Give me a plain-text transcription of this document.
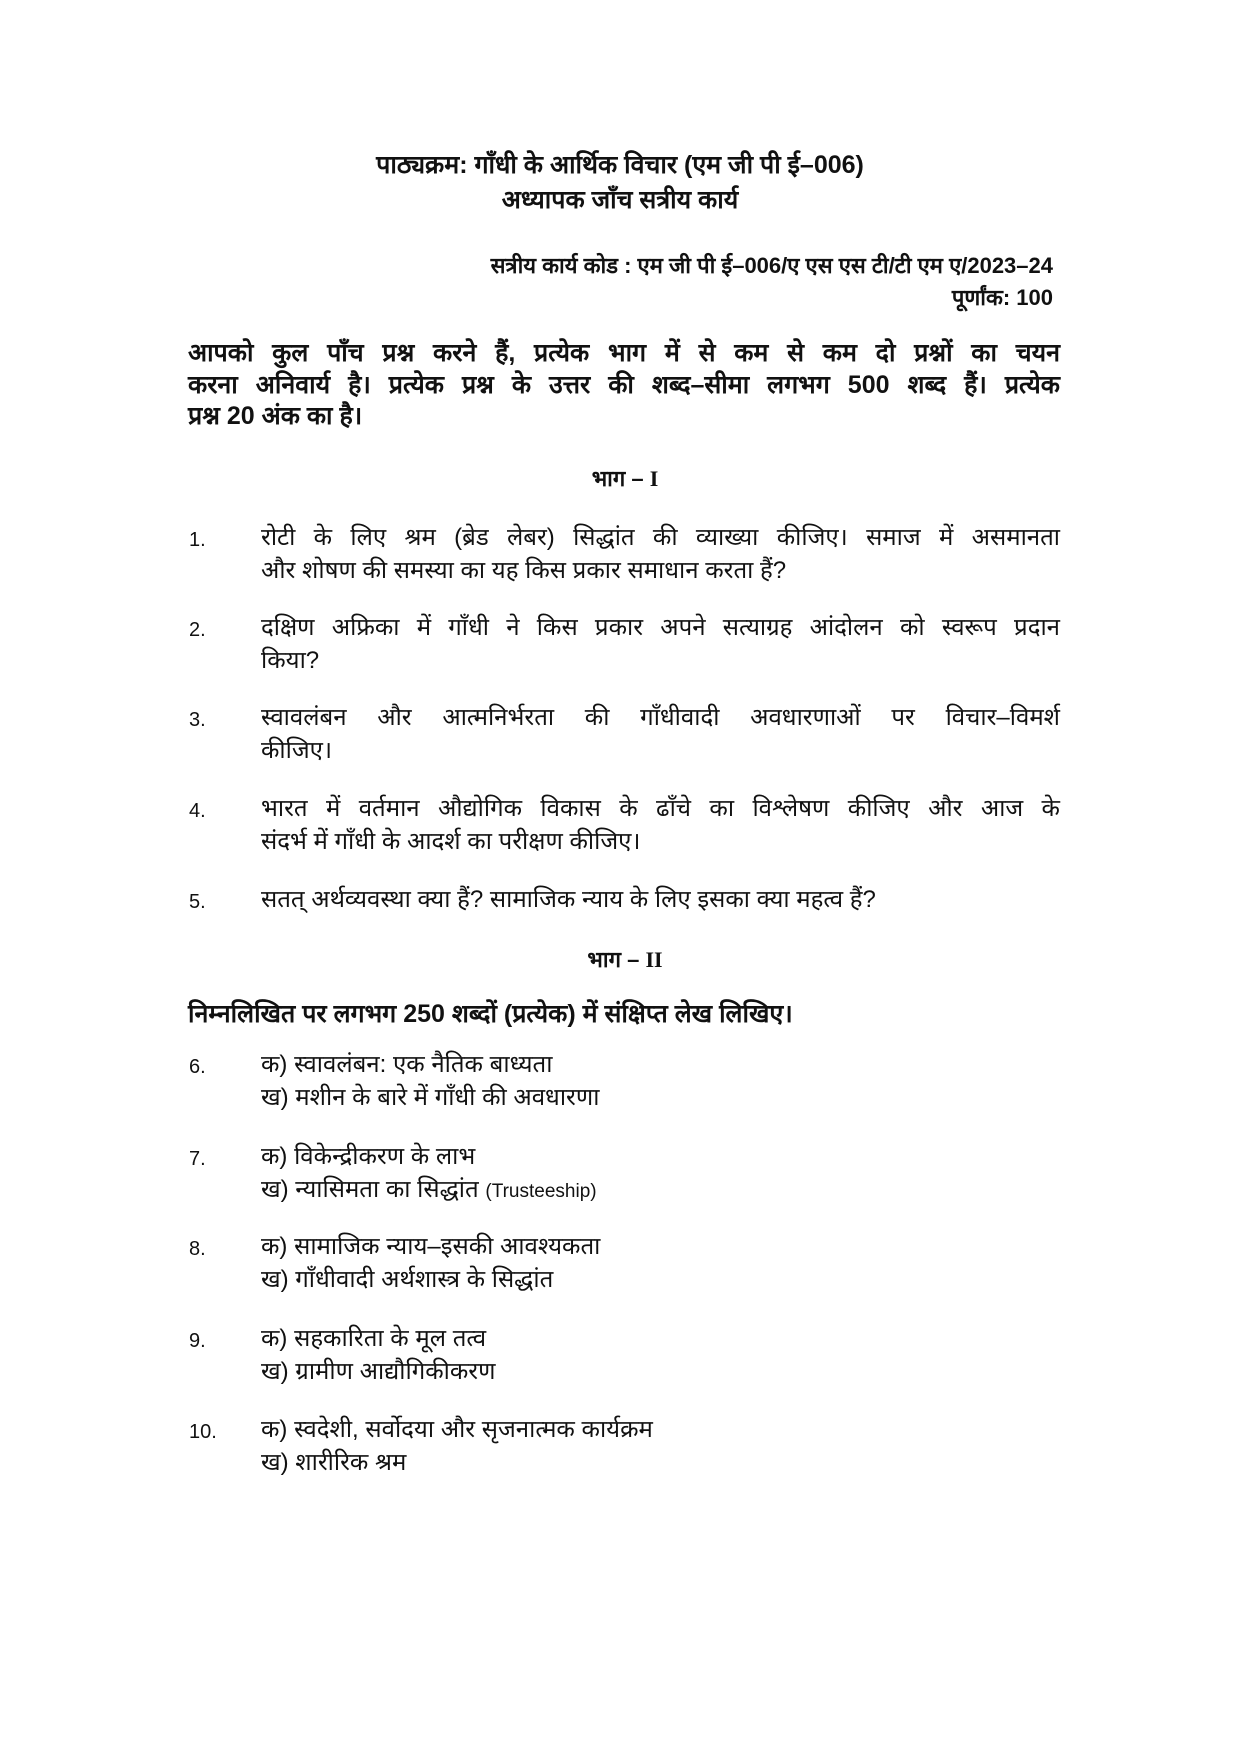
पाठ्यक्रम: गाँधी के आर्थिक विचार (एम जी पी ई–006)
अध्यापक जाँच सत्रीय कार्य
सत्रीय कार्य कोड : एम जी पी ई–006/ए एस एस टी/टी एम ए/2023–24
पूर्णांक: 100
आपको कुल पाँच प्रश्न करने हैं, प्रत्येक भाग में से कम से कम दो प्रश्नों का चयन
करना अनिवार्य है। प्रत्येक प्रश्न के उत्तर की शब्द–सीमा लगभग 500 शब्द हैं। प्रत्येक
प्रश्न 20 अंक का है।
भाग – I
1. रोटी के लिए श्रम (ब्रेड लेबर) सिद्धांत की व्याख्या कीजिए। समाज में असमानता
और शोषण की समस्या का यह किस प्रकार समाधान करता हैं?
2. दक्षिण अफ्रिका में गाँधी ने किस प्रकार अपने सत्याग्रह आंदोलन को स्वरूप प्रदान
किया?
3. स्वावलंबन और आत्मनिर्भरता की गाँधीवादी अवधारणाओं पर विचार–विमर्श
कीजिए।
4. भारत में वर्तमान औद्योगिक विकास के ढाँचे का विश्लेषण कीजिए और आज के
संदर्भ में गाँधी के आदर्श का परीक्षण कीजिए।
5. सतत् अर्थव्यवस्था क्या हैं? सामाजिक न्याय के लिए इसका क्या महत्व हैं?
भाग – II
निम्नलिखित पर लगभग 250 शब्दों (प्रत्येक) में संक्षिप्त लेख लिखिए।
6. क) स्वावलंबन: एक नैतिक बाध्यता
ख) मशीन के बारे में गाँधी की अवधारणा
7. क) विकेन्द्रीकरण के लाभ
ख) न्यासिमता का सिद्धांत (Trusteeship)
8. क) सामाजिक न्याय–इसकी आवश्यकता
ख) गाँधीवादी अर्थशास्त्र के सिद्धांत
9. क) सहकारिता के मूल तत्व
ख) ग्रामीण आद्यौगिकीकरण
10. क) स्वदेशी, सर्वोदया और सृजनात्मक कार्यक्रम
ख) शारीरिक श्रम
